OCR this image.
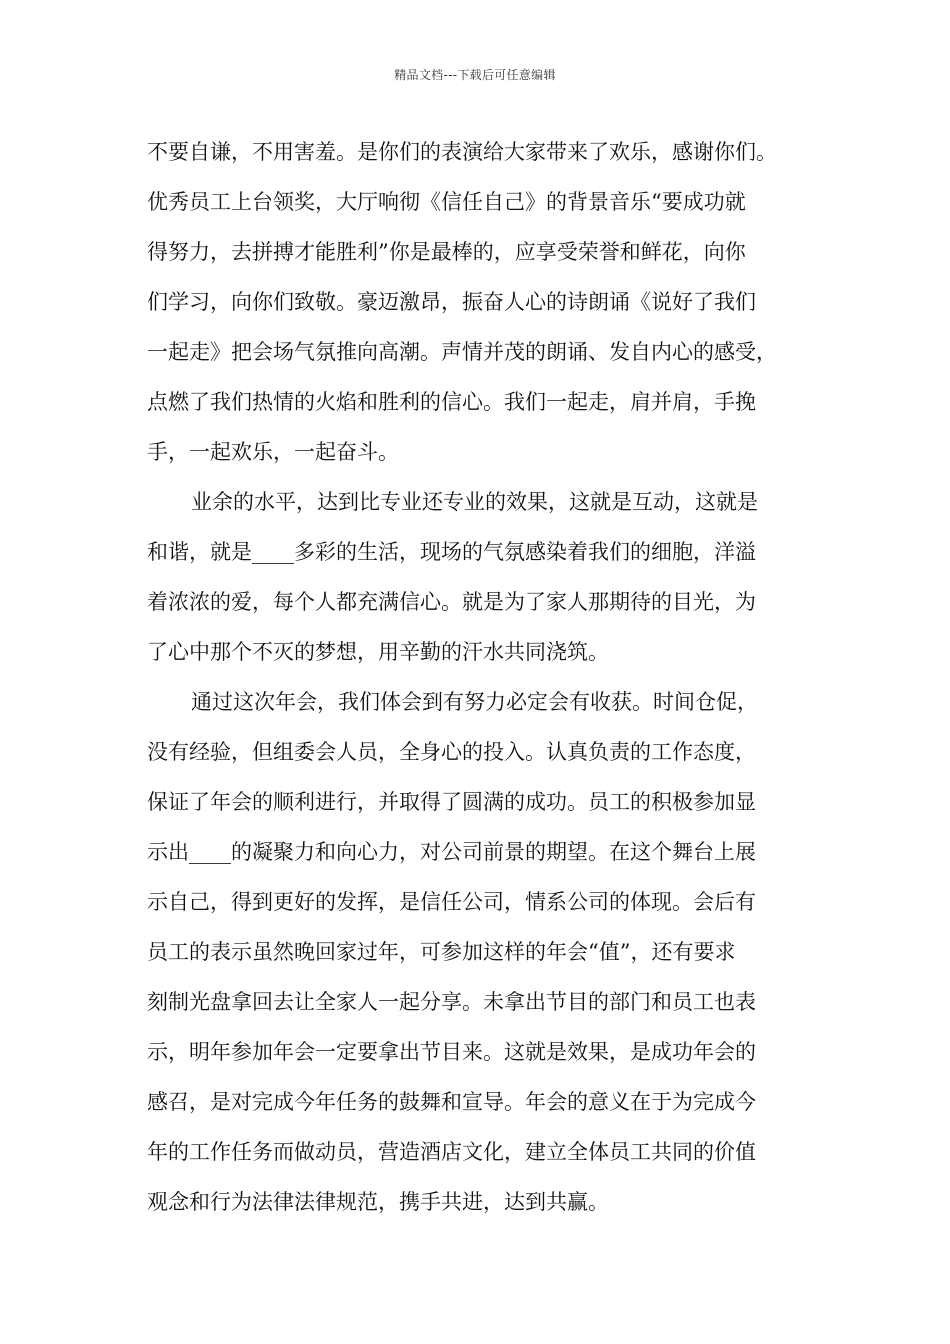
精品文档---下载后可任意编辑
不要自谦，不用害羞。是你们的表演给大家带来了欢乐，感谢你们。
优秀员工上台领奖，大厅响彻《信任自己》的背景音乐“要成功就
得努力，去拼搏才能胜利”你是最棒的，应享受荣誉和鲜花，向你
们学习，向你们致敬。豪迈激昂，振奋人心的诗朗诵《说好了我们
一起走》把会场气氛推向高潮。声情并茂的朗诵、发自内心的感受，
点燃了我们热情的火焰和胜利的信心。我们一起走，肩并肩，手挽
手，一起欢乐，一起奋斗。
业余的水平，达到比专业还专业的效果，这就是互动，这就是
和谐，就是____多彩的生活，现场的气氛感染着我们的细胞，洋溢
着浓浓的爱，每个人都充满信心。就是为了家人那期待的目光，为
了心中那个不灭的梦想，用辛勤的汗水共同浇筑。
通过这次年会，我们体会到有努力必定会有收获。时间仓促，
没有经验，但组委会人员，全身心的投入。认真负责的工作态度，
保证了年会的顺利进行，并取得了圆满的成功。员工的积极参加显
示出____的凝聚力和向心力，对公司前景的期望。在这个舞台上展
示自己，得到更好的发挥，是信任公司，情系公司的体现。会后有
员工的表示虽然晚回家过年，可参加这样的年会“值”，还有要求
刻制光盘拿回去让全家人一起分享。未拿出节目的部门和员工也表
示，明年参加年会一定要拿出节目来。这就是效果，是成功年会的
感召，是对完成今年任务的鼓舞和宣导。年会的意义在于为完成今
年的工作任务而做动员，营造酒店文化，建立全体员工共同的价值
观念和行为法律法律规范，携手共进，达到共赢。
